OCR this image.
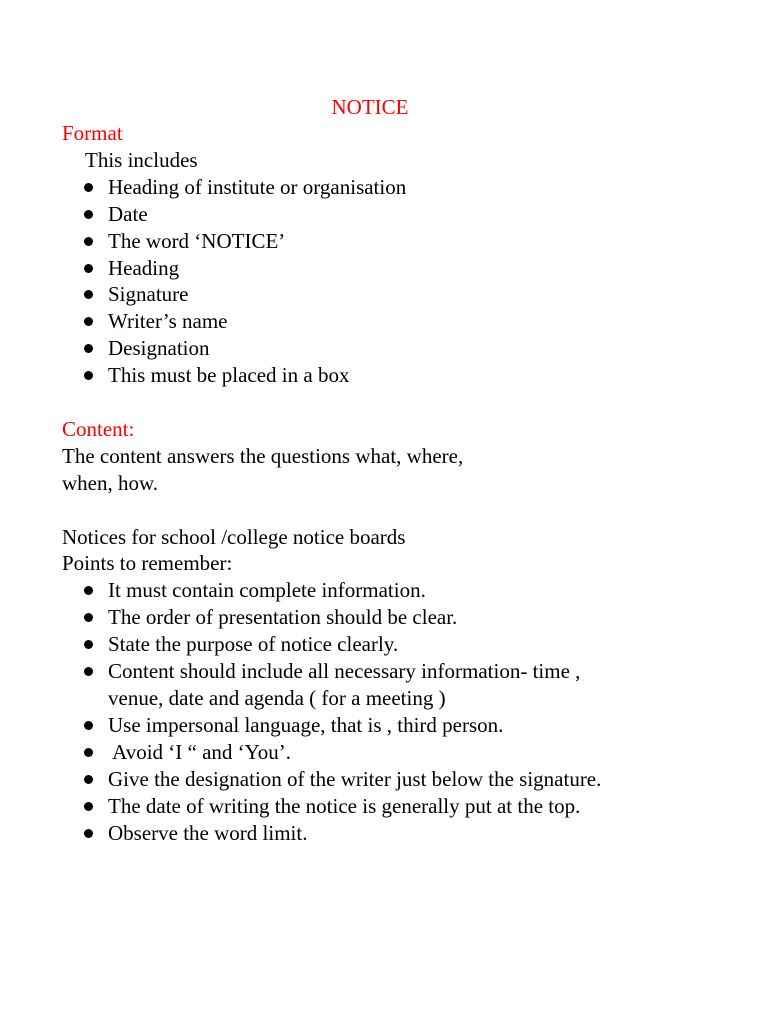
NOTICE

Format

This includes

Heading of institute or organisation
Date
The word ‘NOTICE’
Heading
Signature
Writer’s name
Designation
This must be placed in a box

Content:

The content answers the questions what, where,

when, how.

Notices for school /college notice boards

Points to remember:

It must contain complete information.
The order of presentation should be clear.
State the purpose of notice clearly.
Content should include all necessary information- time ,
venue, date and agenda ( for a meeting )
Use impersonal language, that is , third person.
Avoid ‘I “ and ‘You’.
Give the designation of the writer just below the signature.
The date of writing the notice is generally put at the top.
Observe the word limit.
